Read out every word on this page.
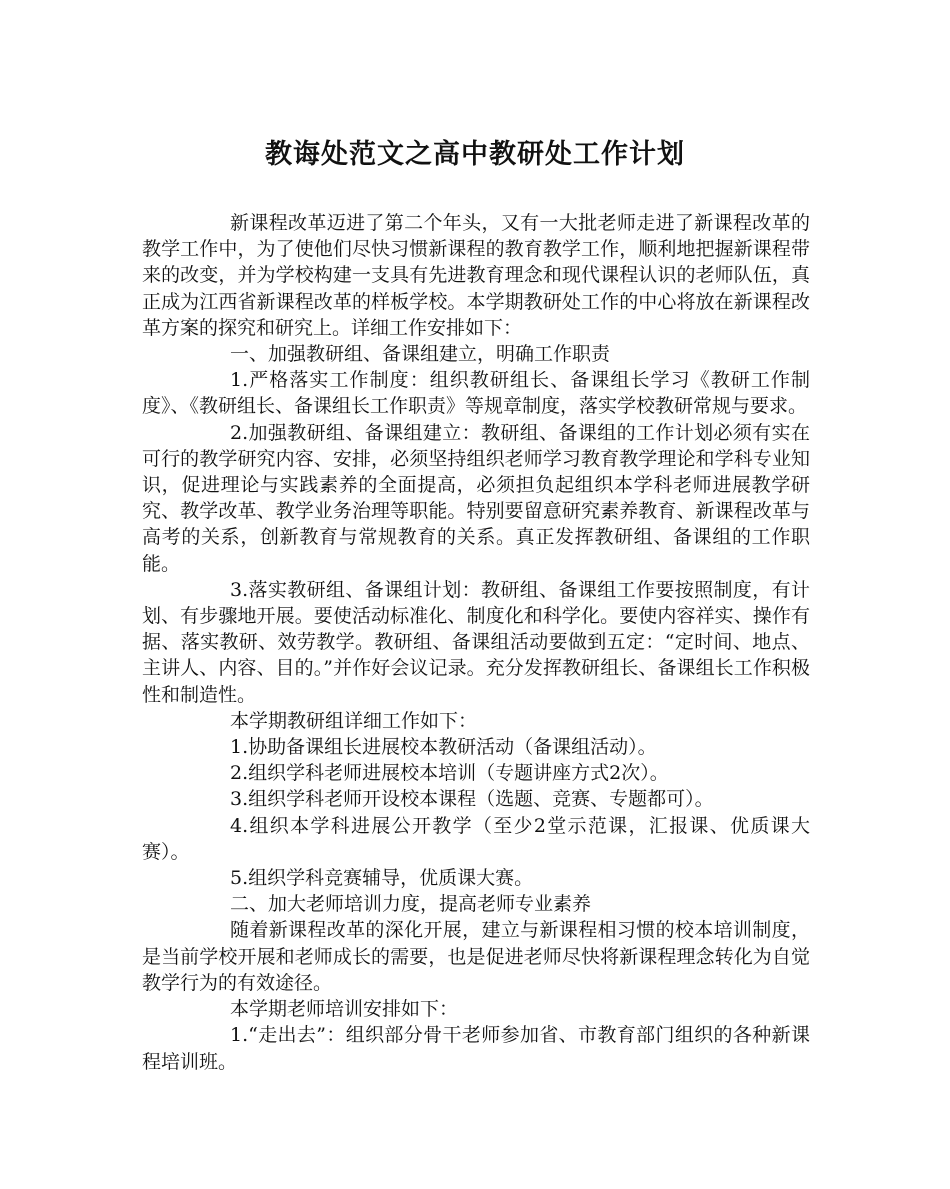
教诲处范文之高中教研处工作计划

新课程改革迈进了第二个年头，又有一大批老师走进了新课程改革的教学工作中，为了使他们尽快习惯新课程的教育教学工作，顺利地把握新课程带来的改变，并为学校构建一支具有先进教育理念和现代课程认识的老师队伍，真正成为江西省新课程改革的样板学校。本学期教研处工作的中心将放在新课程改革方案的探究和研究上。详细工作安排如下：

一、加强教研组、备课组建立，明确工作职责

1.严格落实工作制度：组织教研组长、备课组长学习《教研工作制度》、《教研组长、备课组长工作职责》等规章制度，落实学校教研常规与要求。

2.加强教研组、备课组建立：教研组、备课组的工作计划必须有实在可行的教学研究内容、安排，必须坚持组织老师学习教育教学理论和学科专业知识，促进理论与实践素养的全面提高，必须担负起组织本学科老师进展教学研究、教学改革、教学业务治理等职能。特别要留意研究素养教育、新课程改革与高考的关系，创新教育与常规教育的关系。真正发挥教研组、备课组的工作职能。

3.落实教研组、备课组计划：教研组、备课组工作要按照制度，有计划、有步骤地开展。要使活动标准化、制度化和科学化。要使内容祥实、操作有据、落实教研、效劳教学。教研组、备课组活动要做到五定：“定时间、地点、主讲人、内容、目的。”并作好会议记录。充分发挥教研组长、备课组长工作积极性和制造性。

本学期教研组详细工作如下：

1.协助备课组长进展校本教研活动（备课组活动）。

2.组织学科老师进展校本培训（专题讲座方式2次）。

3.组织学科老师开设校本课程（选题、竞赛、专题都可）。

4.组织本学科进展公开教学（至少2堂示范课，汇报课、优质课大赛）。

5.组织学科竞赛辅导，优质课大赛。

二、加大老师培训力度，提高老师专业素养

随着新课程改革的深化开展，建立与新课程相习惯的校本培训制度，是当前学校开展和老师成长的需要，也是促进老师尽快将新课程理念转化为自觉教学行为的有效途径。

本学期老师培训安排如下：

1.“走出去”：组织部分骨干老师参加省、市教育部门组织的各种新课程培训班。
